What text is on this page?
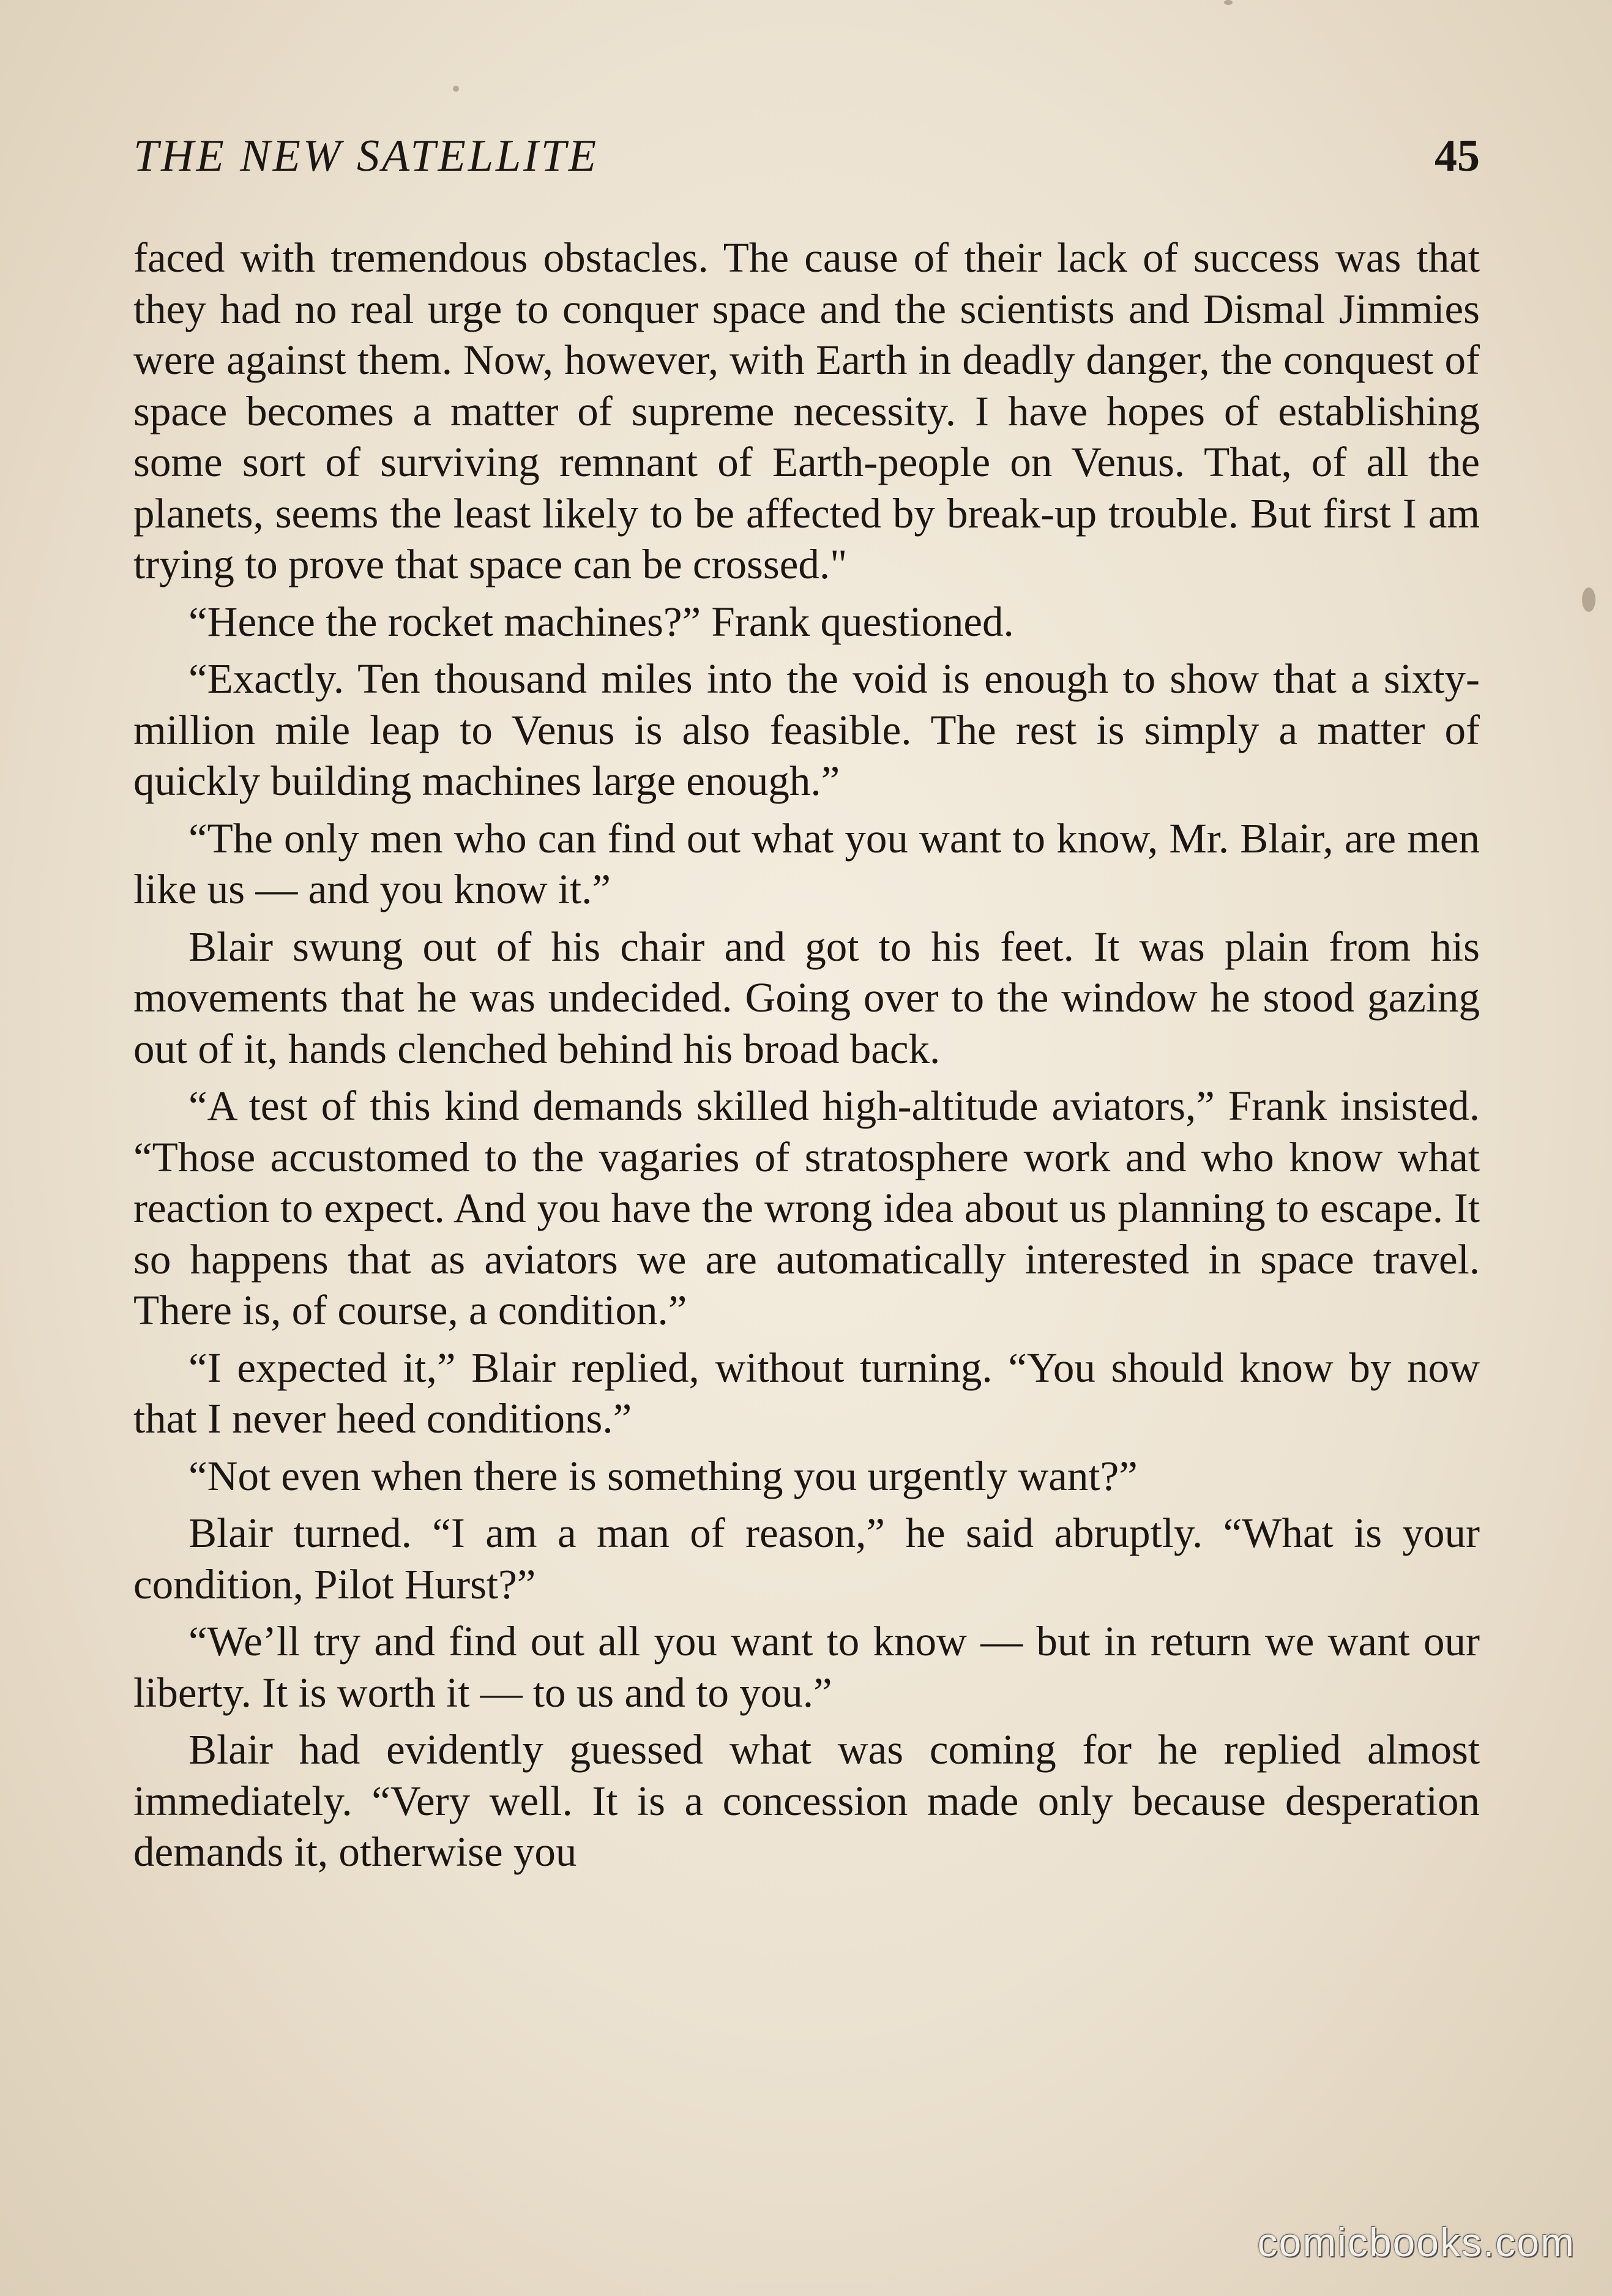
THE NEW SATELLITE	45

faced with tremendous obstacles. The cause of their lack of success was that they had no real urge to conquer space and the scientists and Dismal Jimmies were against them. Now, however, with Earth in deadly danger, the conquest of space becomes a matter of supreme necessity. I have hopes of establishing some sort of surviving remnant of Earth-people on Venus. That, of all the planets, seems the least likely to be affected by break-up trouble. But first I am trying to prove that space can be crossed."

“Hence the rocket machines?” Frank questioned.

“Exactly. Ten thousand miles into the void is enough to show that a sixty-million mile leap to Venus is also feasible. The rest is simply a matter of quickly building machines large enough.”

“The only men who can find out what you want to know, Mr. Blair, are men like us — and you know it.”

Blair swung out of his chair and got to his feet. It was plain from his movements that he was undecided. Going over to the window he stood gazing out of it, hands clenched behind his broad back.

“A test of this kind demands skilled high-altitude aviators,” Frank insisted. “Those accustomed to the vagaries of stratosphere work and who know what reaction to expect. And you have the wrong idea about us planning to escape. It so happens that as aviators we are automatically interested in space travel. There is, of course, a condition.”

“I expected it,” Blair replied, without turning. “You should know by now that I never heed conditions.”

“Not even when there is something you urgently want?”

Blair turned. “I am a man of reason,” he said abruptly. “What is your condition, Pilot Hurst?”

“We’ll try and find out all you want to know — but in return we want our liberty. It is worth it — to us and to you.”

Blair had evidently guessed what was coming for he replied almost immediately. “Very well. It is a concession made only because desperation demands it, otherwise you

comicbooks.com
